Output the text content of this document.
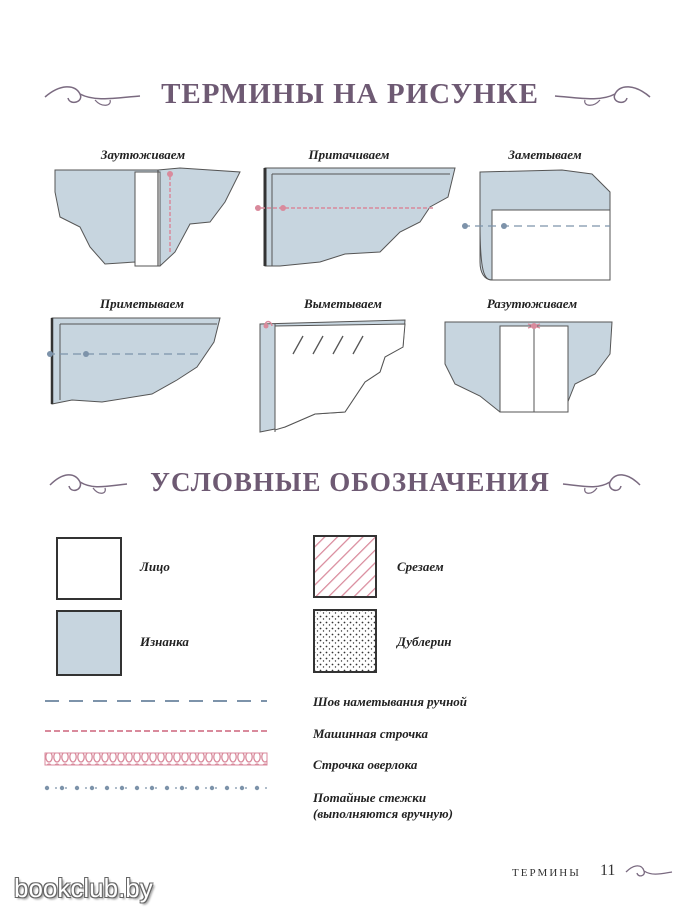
ТЕРМИНЫ НА РИСУНКЕ
Заутюживаем	Притачиваем	Заметываем
Приметываем	Выметываем	Разутюживаем
УСЛОВНЫЕ ОБОЗНАЧЕНИЯ
Лицо
Изнанка
Срезаем
Дублерин
Шов наметывания ручной
Машинная строчка
Строчка оверлока
Потайные стежки
(выполняются вручную)
ТЕРМИНЫ 11
bookclub.by
